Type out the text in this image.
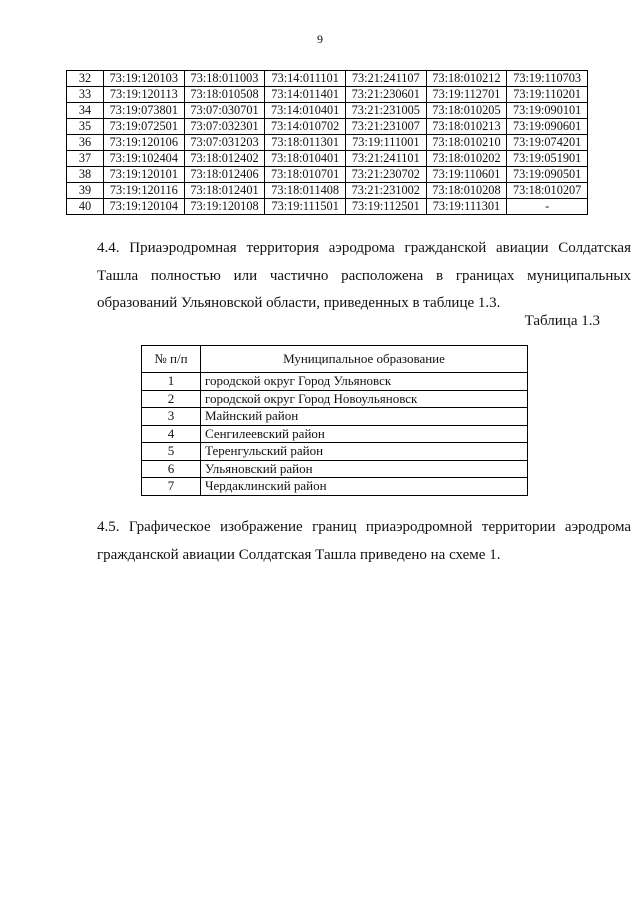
9
32	73:19:120103	73:18:011003	73:14:011101	73:21:241107	73:18:010212	73:19:110703
33	73:19:120113	73:18:010508	73:14:011401	73:21:230601	73:19:112701	73:19:110201
34	73:19:073801	73:07:030701	73:14:010401	73:21:231005	73:18:010205	73:19:090101
35	73:19:072501	73:07:032301	73:14:010702	73:21:231007	73:18:010213	73:19:090601
36	73:19:120106	73:07:031203	73:18:011301	73:19:111001	73:18:010210	73:19:074201
37	73:19:102404	73:18:012402	73:18:010401	73:21:241101	73:18:010202	73:19:051901
38	73:19:120101	73:18:012406	73:18:010701	73:21:230702	73:19:110601	73:19:090501
39	73:19:120116	73:18:012401	73:18:011408	73:21:231002	73:18:010208	73:18:010207
40	73:19:120104	73:19:120108	73:19:111501	73:19:112501	73:19:111301	-

4.4. Приаэродромная территория аэродрома гражданской авиации Солдатская Ташла полностью или частично расположена в границах муниципальных образований Ульяновской области, приведенных в таблице 1.3.

Таблица 1.3
№ п/п	Муниципальное образование
1	городской округ Город Ульяновск
2	городской округ Город Новоульяновск
3	Майнский район
4	Сенгилеевский район
5	Теренгульский район
6	Ульяновский район
7	Чердаклинский район

4.5. Графическое изображение границ приаэродромной территории аэродрома гражданской авиации Солдатская Ташла приведено на схеме 1.
